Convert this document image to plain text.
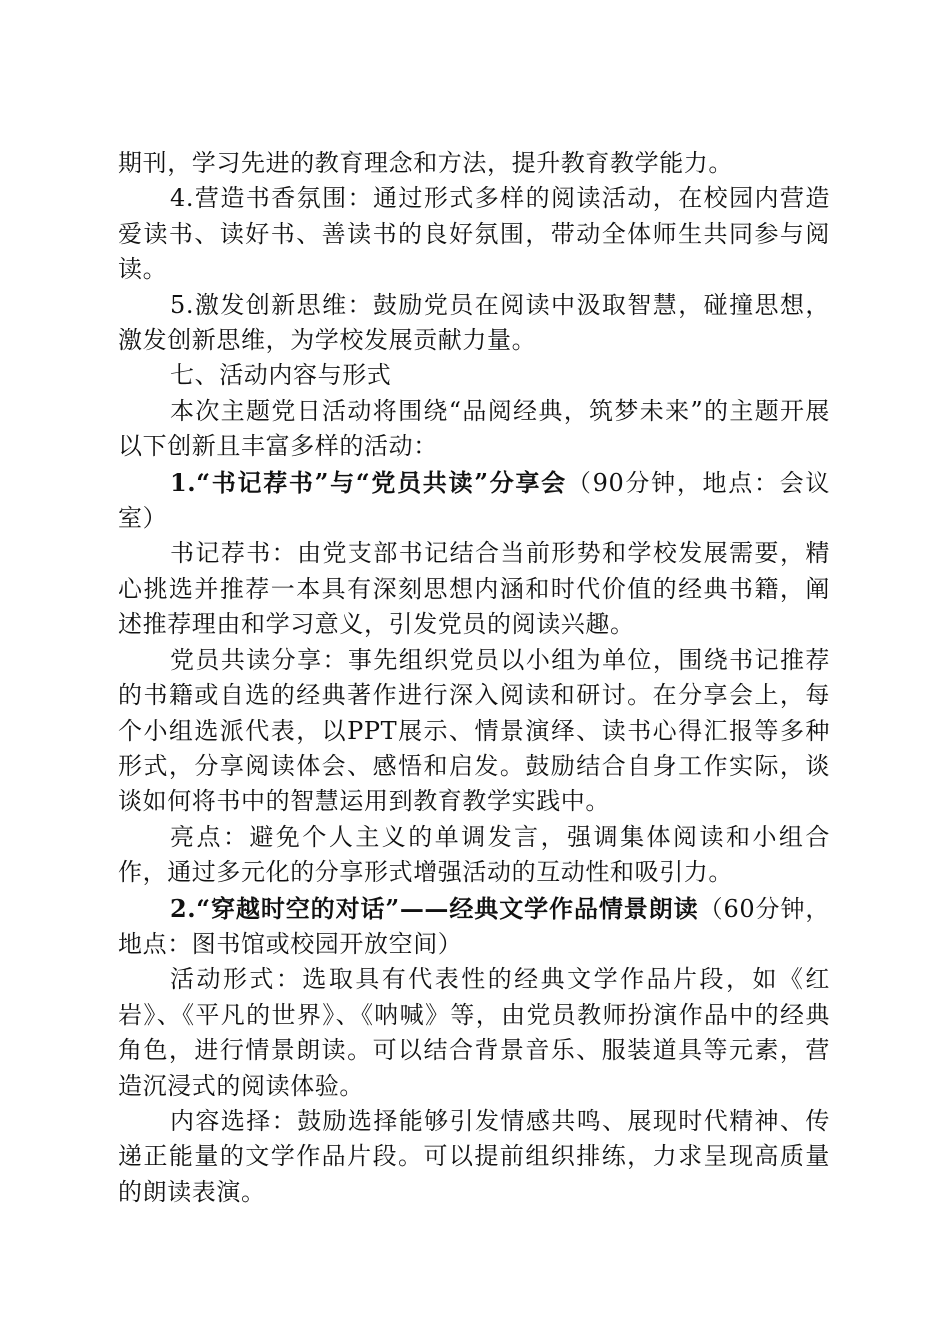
期刊，学习先进的教育理念和方法，提升教育教学能力。

4.营造书香氛围：通过形式多样的阅读活动，在校园内营造爱读书、读好书、善读书的良好氛围，带动全体师生共同参与阅读。

5.激发创新思维：鼓励党员在阅读中汲取智慧，碰撞思想，激发创新思维，为学校发展贡献力量。

七、活动内容与形式

本次主题党日活动将围绕“品阅经典，筑梦未来”的主题开展以下创新且丰富多样的活动：

1.“书记荐书”与“党员共读”分享会（90分钟，地点：会议室）

书记荐书：由党支部书记结合当前形势和学校发展需要，精心挑选并推荐一本具有深刻思想内涵和时代价值的经典书籍，阐述推荐理由和学习意义，引发党员的阅读兴趣。

党员共读分享：事先组织党员以小组为单位，围绕书记推荐的书籍或自选的经典著作进行深入阅读和研讨。在分享会上，每个小组选派代表，以PPT展示、情景演绎、读书心得汇报等多种形式，分享阅读体会、感悟和启发。鼓励结合自身工作实际，谈谈如何将书中的智慧运用到教育教学实践中。

亮点：避免个人主义的单调发言，强调集体阅读和小组合作，通过多元化的分享形式增强活动的互动性和吸引力。

2.“穿越时空的对话”——经典文学作品情景朗读（60分钟，地点：图书馆或校园开放空间）

活动形式：选取具有代表性的经典文学作品片段，如《红岩》、《平凡的世界》、《呐喊》等，由党员教师扮演作品中的经典角色，进行情景朗读。可以结合背景音乐、服装道具等元素，营造沉浸式的阅读体验。

内容选择：鼓励选择能够引发情感共鸣、展现时代精神、传递正能量的文学作品片段。可以提前组织排练，力求呈现高质量的朗读表演。
